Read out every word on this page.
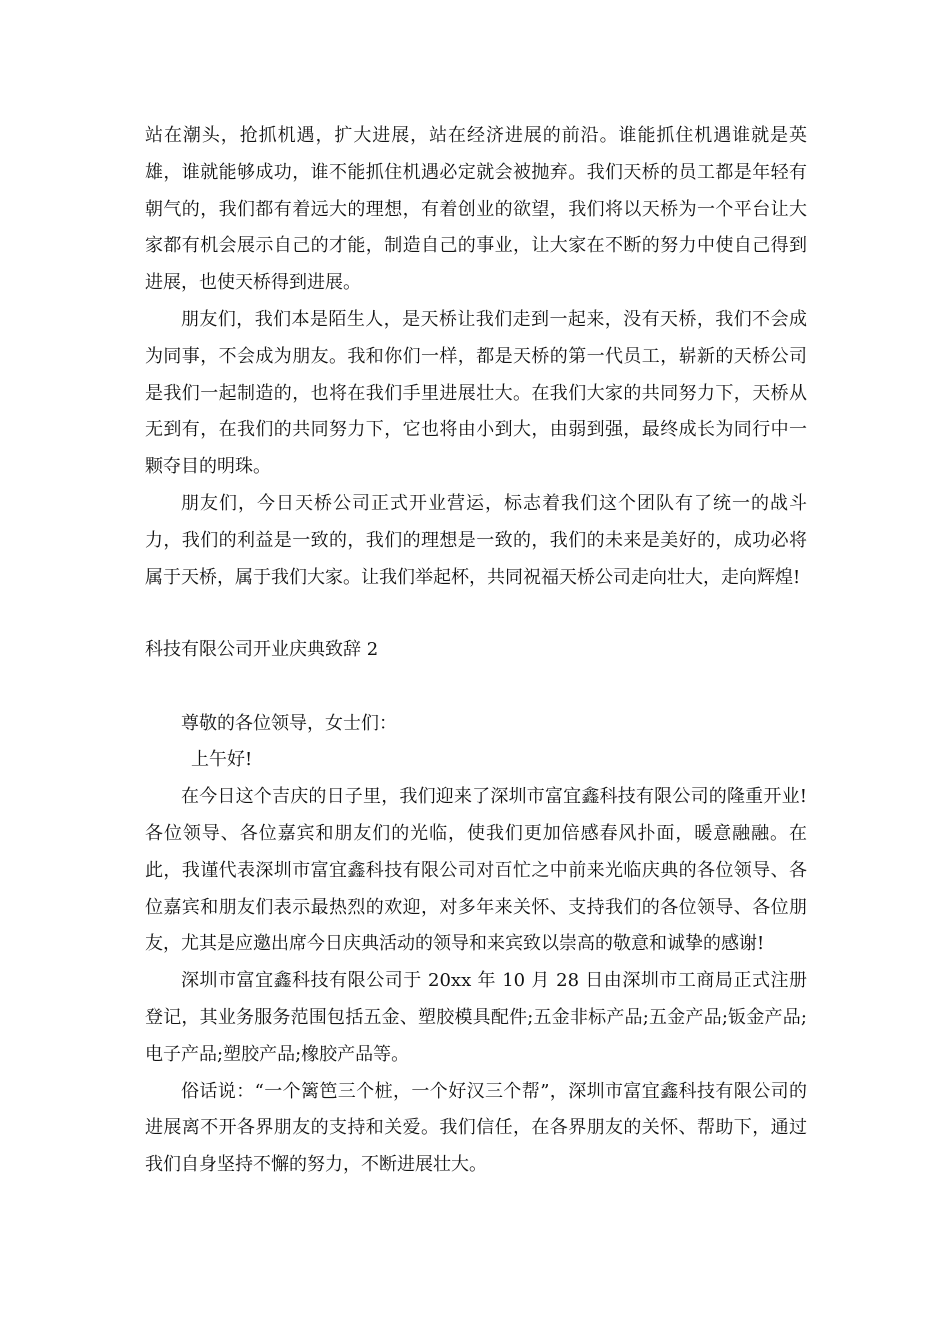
站在潮头，抢抓机遇，扩大进展，站在经济进展的前沿。谁能抓住机遇谁就是英雄，谁就能够成功，谁不能抓住机遇必定就会被抛弃。我们天桥的员工都是年轻有朝气的，我们都有着远大的理想，有着创业的欲望，我们将以天桥为一个平台让大家都有机会展示自己的才能，制造自己的事业，让大家在不断的努力中使自己得到进展，也使天桥得到进展。

朋友们，我们本是陌生人，是天桥让我们走到一起来，没有天桥，我们不会成为同事，不会成为朋友。我和你们一样，都是天桥的第一代员工，崭新的天桥公司是我们一起制造的，也将在我们手里进展壮大。在我们大家的共同努力下，天桥从无到有，在我们的共同努力下，它也将由小到大，由弱到强，最终成长为同行中一颗夺目的明珠。

朋友们，今日天桥公司正式开业营运，标志着我们这个团队有了统一的战斗力，我们的利益是一致的，我们的理想是一致的，我们的未来是美好的，成功必将属于天桥，属于我们大家。让我们举起杯，共同祝福天桥公司走向壮大，走向辉煌!

科技有限公司开业庆典致辞 2

尊敬的各位领导，女士们：

上午好!

在今日这个吉庆的日子里，我们迎来了深圳市富宜鑫科技有限公司的隆重开业!各位领导、各位嘉宾和朋友们的光临，使我们更加倍感春风扑面，暖意融融。在此，我谨代表深圳市富宜鑫科技有限公司对百忙之中前来光临庆典的各位领导、各位嘉宾和朋友们表示最热烈的欢迎，对多年来关怀、支持我们的各位领导、各位朋友，尤其是应邀出席今日庆典活动的领导和来宾致以崇高的敬意和诚挚的感谢!

深圳市富宜鑫科技有限公司于 20xx 年 10 月 28 日由深圳市工商局正式注册登记，其业务服务范围包括五金、塑胶模具配件;五金非标产品;五金产品;钣金产品;电子产品;塑胶产品;橡胶产品等。

俗话说：“一个篱笆三个桩，一个好汉三个帮”，深圳市富宜鑫科技有限公司的进展离不开各界朋友的支持和关爱。我们信任，在各界朋友的关怀、帮助下，通过我们自身坚持不懈的努力，不断进展壮大。
